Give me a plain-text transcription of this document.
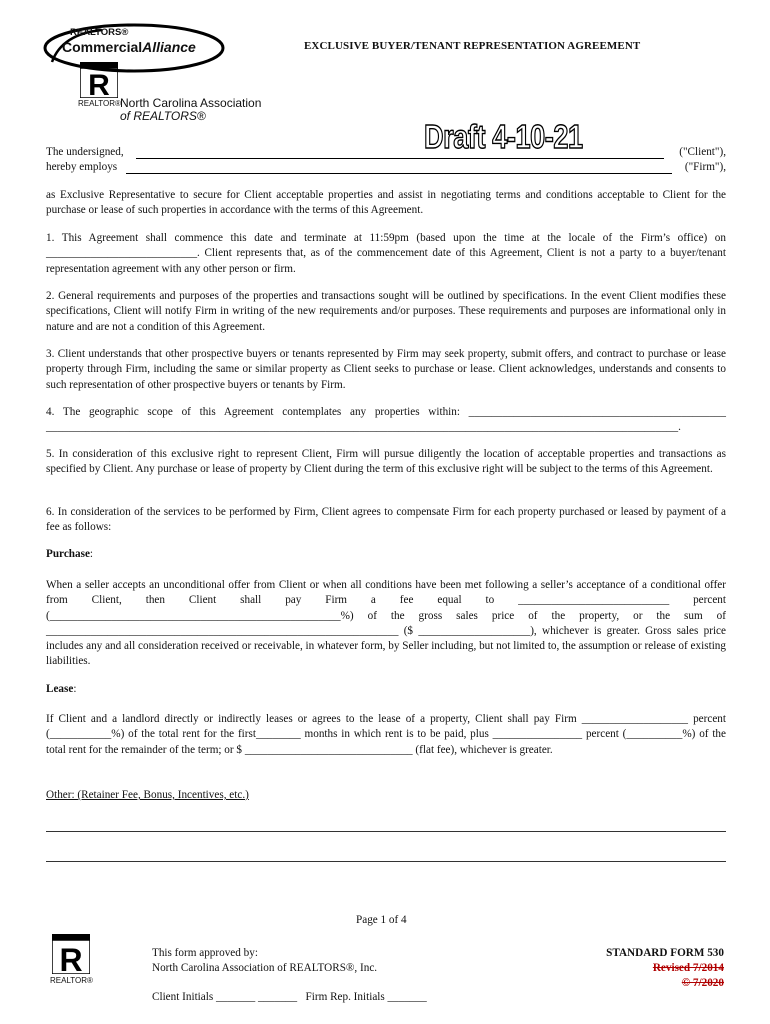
REALTORS®
CommercialAlliance
R
REALTOR® North Carolina Association
of REALTORS®
EXCLUSIVE BUYER/TENANT REPRESENTATION AGREEMENT
Draft 4-10-21
The undersigned,	("Client"),
hereby employs	("Firm"),

as Exclusive Representative to secure for Client acceptable properties and assist in negotiating terms and conditions acceptable to Client for the purchase or lease of such properties in accordance with the terms of this Agreement.

1. This Agreement shall commence this date and terminate at 11:59pm (based upon the time at the locale of the Firm’s office) on ___________________________. Client represents that, as of the commencement date of this Agreement, Client is not a party to a buyer/tenant representation agreement with any other person or firm.

2. General requirements and purposes of the properties and transactions sought will be outlined by specifications. In the event Client modifies these specifications, Client will notify Firm in writing of the new requirements and/or purposes. These requirements and purposes are informational only in nature and are not a condition of this Agreement.

3. Client understands that other prospective buyers or tenants represented by Firm may seek property, submit offers, and contract to purchase or lease property through Firm, including the same or similar property as Client seeks to purchase or lease. Client acknowledges, understands and consents to such representation of other prospective buyers or tenants by Firm.

4. The geographic scope of this Agreement contemplates any properties within: ______________________________________________ _________________________________________________________________________________________________________________.

5. In consideration of this exclusive right to represent Client, Firm will pursue diligently the location of acceptable properties and transactions as specified by Client. Any purchase or lease of property by Client during the term of this exclusive right will be subject to the terms of this Agreement.

6. In consideration of the services to be performed by Firm, Client agrees to compensate Firm for each property purchased or leased by payment of a fee as follows:

Purchase:

When a seller accepts an unconditional offer from Client or when all conditions have been met following a seller’s acceptance of a conditional offer from Client, then Client shall pay Firm a fee equal to ___________________________ percent (____________________________________________________%) of the gross sales price of the property, or the sum of _______________________________________________________________ ($ ____________________), whichever is greater. Gross sales price includes any and all consideration received or receivable, in whatever form, by Seller including, but not limited to, the assumption or release of existing liabilities.

Lease:

If Client and a landlord directly or indirectly leases or agrees to the lease of a property, Client shall pay Firm ___________________ percent (___________%) of the total rent for the first________ months in which rent is to be paid, plus ________________ percent (__________%) of the total rent for the remainder of the term; or $ ______________________________ (flat fee), whichever is greater.

Other: (Retainer Fee, Bonus, Incentives, etc.)
Page 1 of 4
R
REALTOR®
This form approved by:
North Carolina Association of REALTORS®, Inc.
Client Initials _______ _______   Firm Rep. Initials _______
STANDARD FORM 530
Revised 7/2014
© 7/2020
